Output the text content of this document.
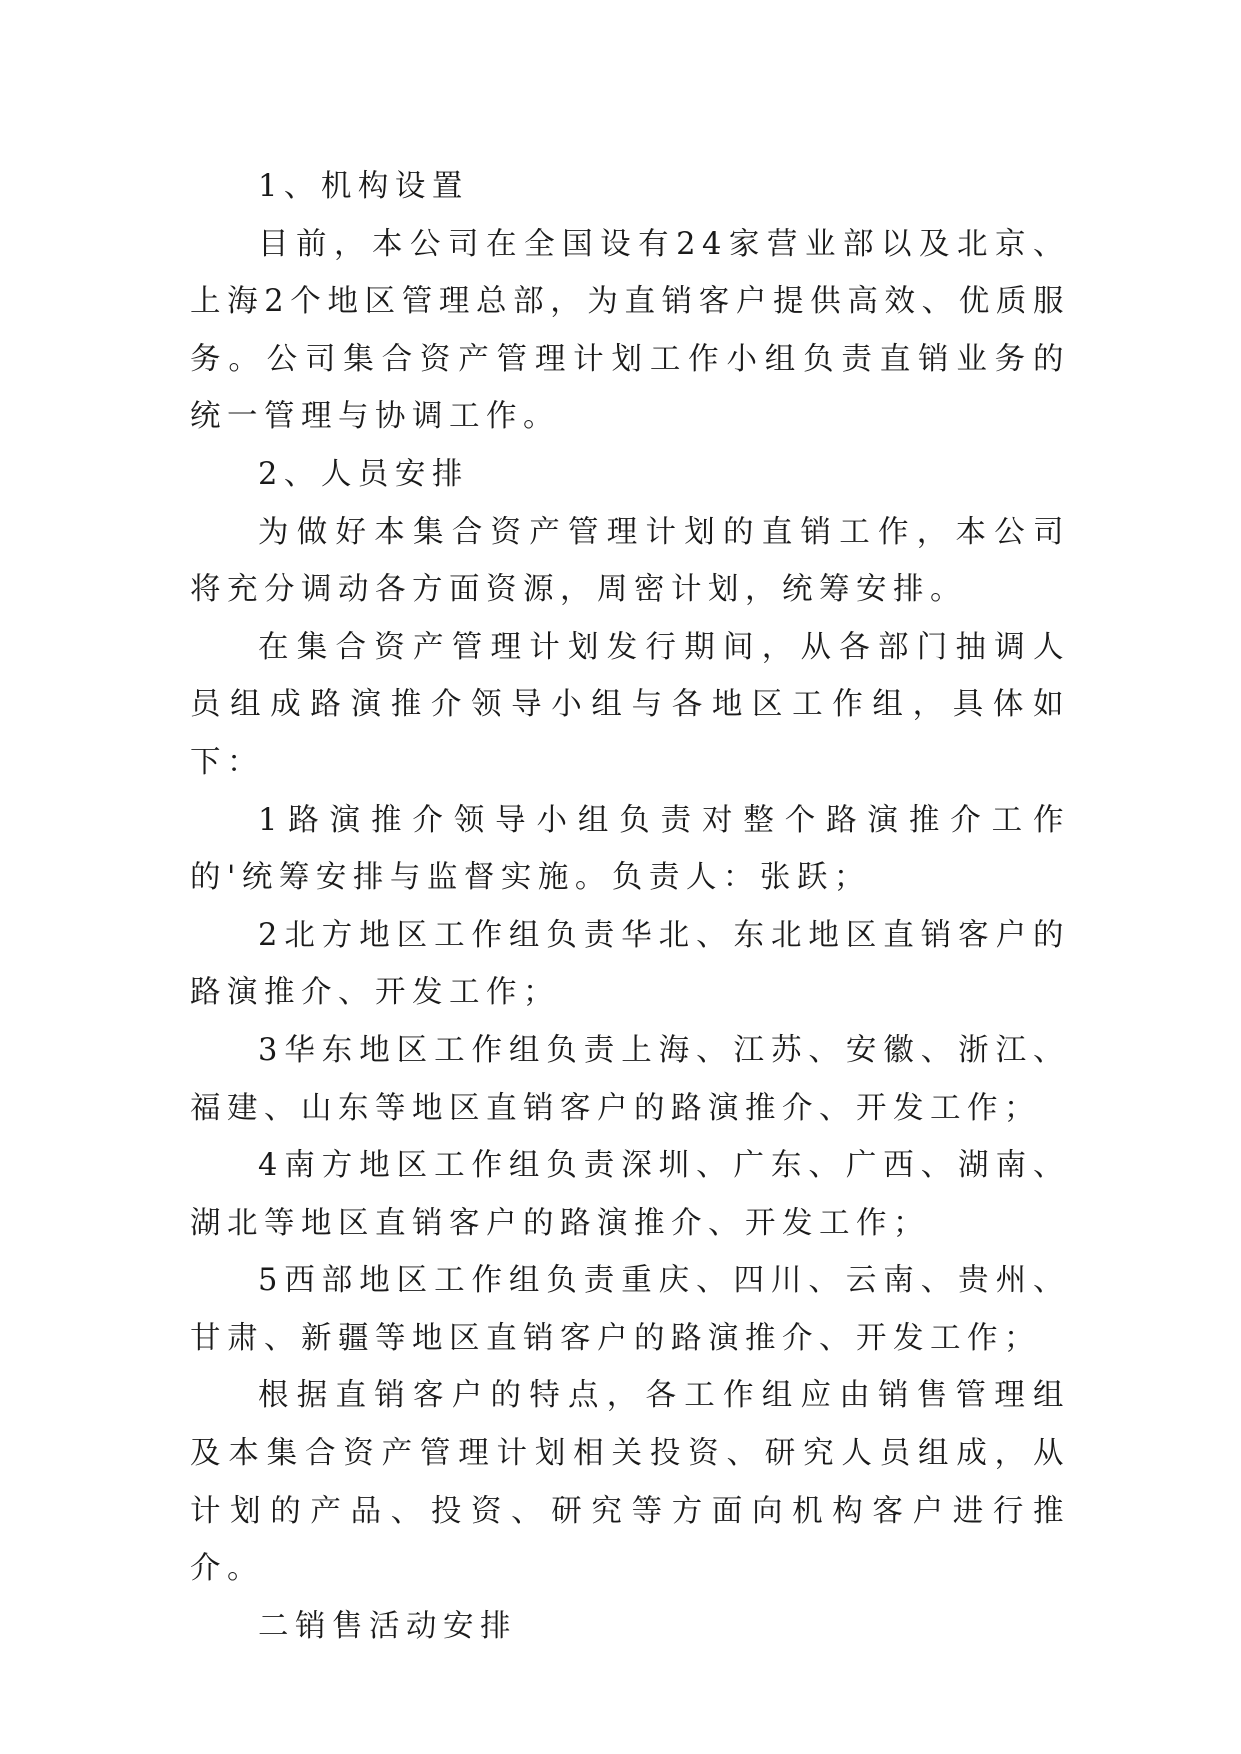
1、机构设置

目前，本公司在全国设有24家营业部以及北京、上海2个地区管理总部，为直销客户提供高效、优质服务。公司集合资产管理计划工作小组负责直销业务的统一管理与协调工作。

2、人员安排

为做好本集合资产管理计划的直销工作，本公司将充分调动各方面资源，周密计划，统筹安排。

在集合资产管理计划发行期间，从各部门抽调人员组成路演推介领导小组与各地区工作组，具体如下：

1路演推介领导小组负责对整个路演推介工作的'统筹安排与监督实施。负责人：张跃；

2北方地区工作组负责华北、东北地区直销客户的路演推介、开发工作；

3华东地区工作组负责上海、江苏、安徽、浙江、福建、山东等地区直销客户的路演推介、开发工作；

4南方地区工作组负责深圳、广东、广西、湖南、湖北等地区直销客户的路演推介、开发工作；

5西部地区工作组负责重庆、四川、云南、贵州、甘肃、新疆等地区直销客户的路演推介、开发工作；

根据直销客户的特点，各工作组应由销售管理组及本集合资产管理计划相关投资、研究人员组成，从计划的产品、投资、研究等方面向机构客户进行推介。

二销售活动安排
